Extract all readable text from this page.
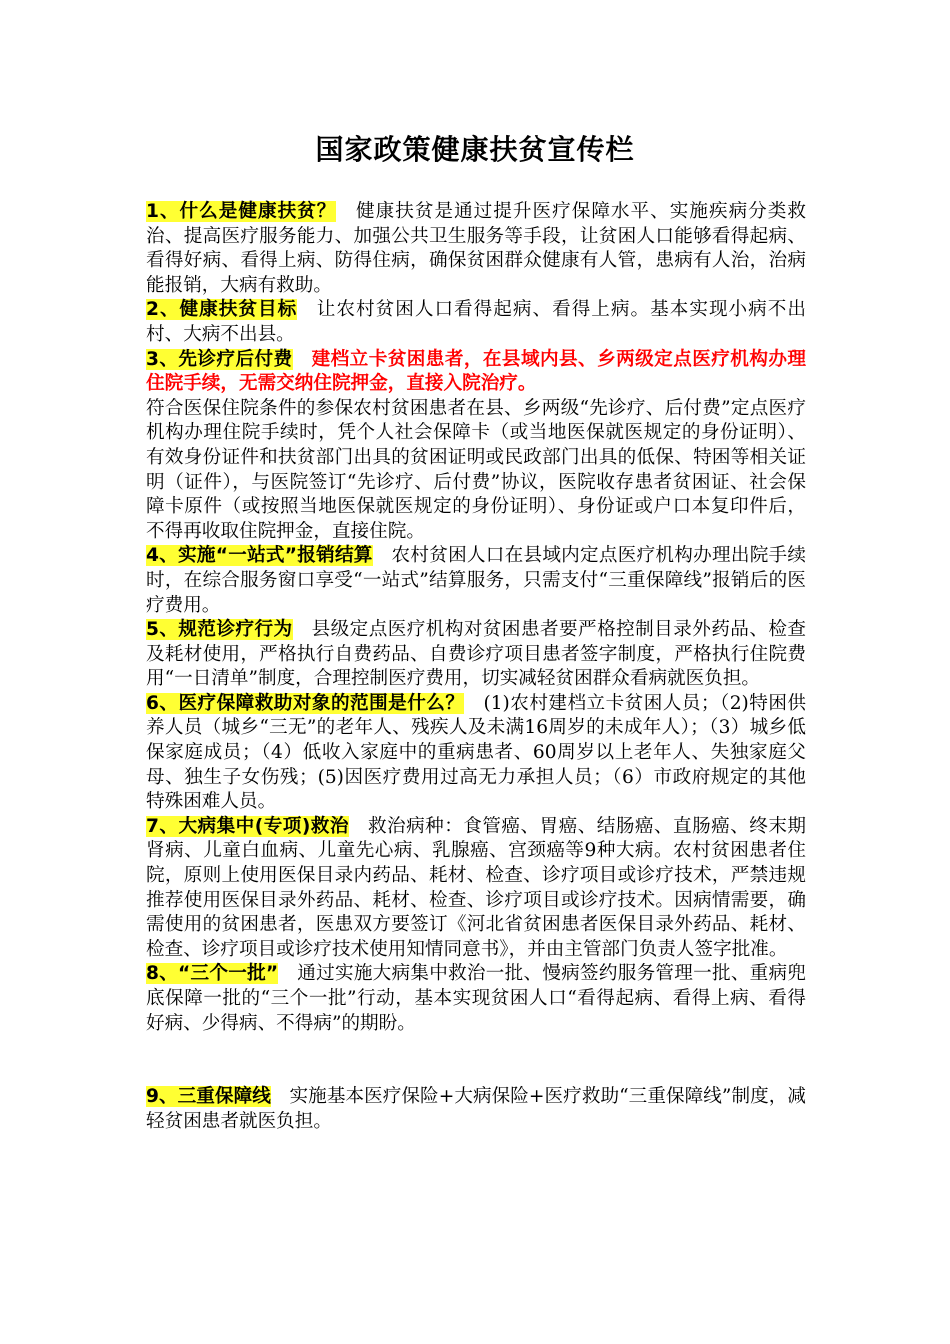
国家政策健康扶贫宣传栏

1、什么是健康扶贫？　健康扶贫是通过提升医疗保障水平、实施疾病分类救治、提高医疗服务能力、加强公共卫生服务等手段，让贫困人口能够看得起病、看得好病、看得上病、防得住病，确保贫困群众健康有人管，患病有人治，治病能报销，大病有救助。

2、健康扶贫目标　让农村贫困人口看得起病、看得上病。基本实现小病不出村、大病不出县。

3、先诊疗后付费　建档立卡贫困患者，在县域内县、乡两级定点医疗机构办理住院手续，无需交纳住院押金，直接入院治疗。
符合医保住院条件的参保农村贫困患者在县、乡两级“先诊疗、后付费”定点医疗机构办理住院手续时，凭个人社会保障卡（或当地医保就医规定的身份证明）、有效身份证件和扶贫部门出具的贫困证明或民政部门出具的低保、特困等相关证明（证件），与医院签订“先诊疗、后付费”协议，医院收存患者贫困证、社会保障卡原件（或按照当地医保就医规定的身份证明）、身份证或户口本复印件后，不得再收取住院押金，直接住院。

4、实施“一站式”报销结算　农村贫困人口在县域内定点医疗机构办理出院手续时，在综合服务窗口享受“一站式”结算服务，只需支付“三重保障线”报销后的医疗费用。

5、规范诊疗行为　县级定点医疗机构对贫困患者要严格控制目录外药品、检查及耗材使用，严格执行自费药品、自费诊疗项目患者签字制度，严格执行住院费用“一日清单”制度，合理控制医疗费用，切实减轻贫困群众看病就医负担。

6、医疗保障救助对象的范围是什么？　(1)农村建档立卡贫困人员；（2)特困供养人员（城乡“三无”的老年人、残疾人及未满16周岁的未成年人）；（3）城乡低保家庭成员；（4）低收入家庭中的重病患者、60周岁以上老年人、失独家庭父母、独生子女伤残；(5)因医疗费用过高无力承担人员；（6）市政府规定的其他特殊困难人员。

7、大病集中(专项)救治　救治病种：食管癌、胃癌、结肠癌、直肠癌、终末期肾病、儿童白血病、儿童先心病、乳腺癌、宫颈癌等9种大病。农村贫困患者住院，原则上使用医保目录内药品、耗材、检查、诊疗项目或诊疗技术，严禁违规推荐使用医保目录外药品、耗材、检查、诊疗项目或诊疗技术。因病情需要，确需使用的贫困患者，医患双方要签订《河北省贫困患者医保目录外药品、耗材、检查、诊疗项目或诊疗技术使用知情同意书》，并由主管部门负责人签字批准。

8、“三个一批”　通过实施大病集中救治一批、慢病签约服务管理一批、重病兜底保障一批的“三个一批”行动，基本实现贫困人口“看得起病、看得上病、看得好病、少得病、不得病”的期盼。

9、三重保障线　实施基本医疗保险+大病保险+医疗救助“三重保障线”制度，减轻贫困患者就医负担。
